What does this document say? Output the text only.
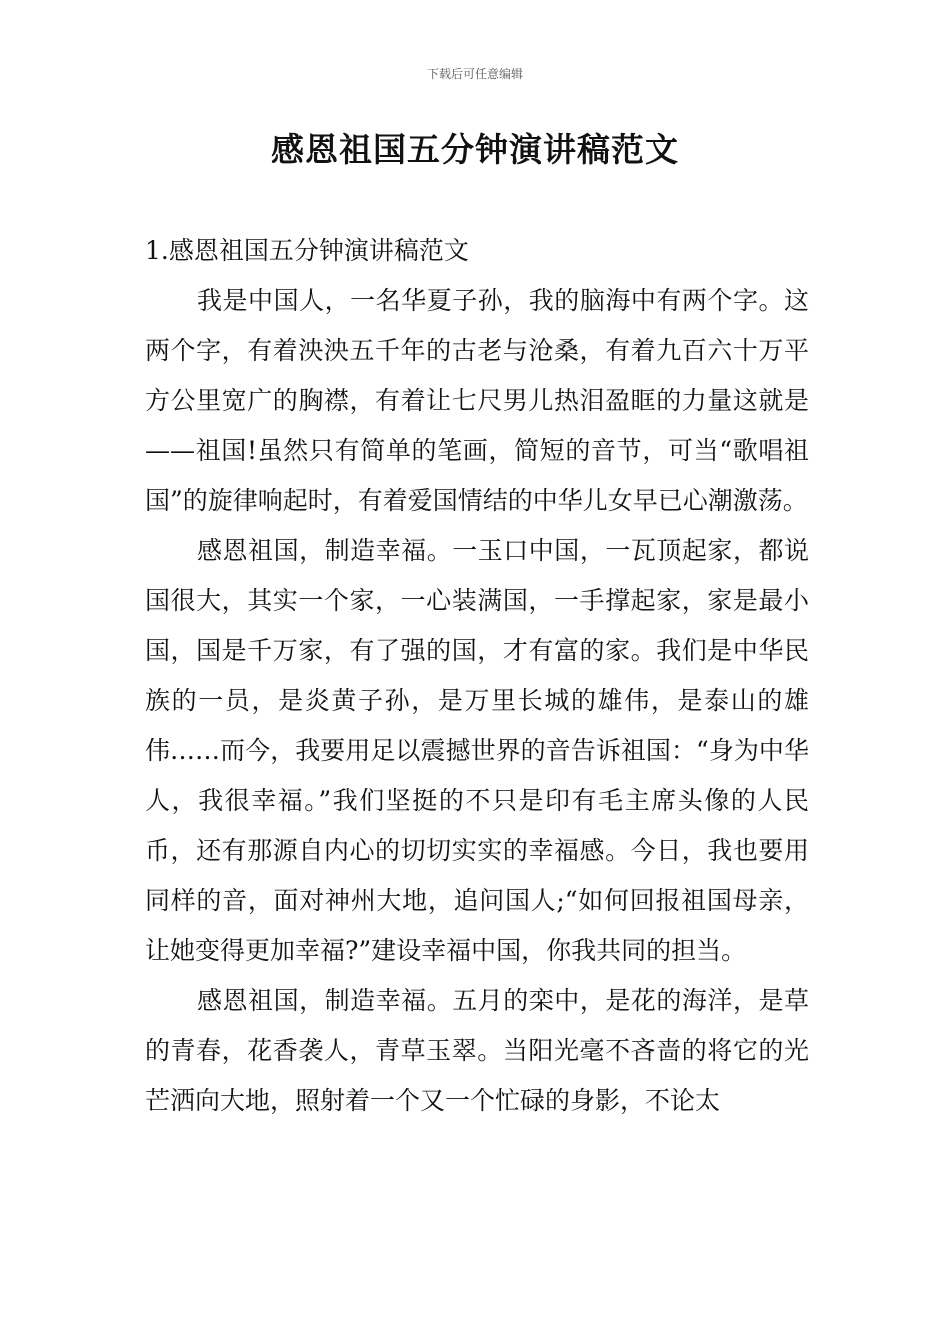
下载后可任意编辑
感恩祖国五分钟演讲稿范文

1.感恩祖国五分钟演讲稿范文

我是中国人，一名华夏子孙，我的脑海中有两个字。这两个字，有着泱泱五千年的古老与沧桑，有着九百六十万平方公里宽广的胸襟，有着让七尺男儿热泪盈眶的力量这就是——祖国!虽然只有简单的笔画，简短的音节，可当“歌唱祖国”的旋律响起时，有着爱国情结的中华儿女早已心潮激荡。

感恩祖国，制造幸福。一玉口中国，一瓦顶起家，都说国很大，其实一个家，一心装满国，一手撑起家，家是最小国，国是千万家，有了强的国，才有富的家。我们是中华民族的一员，是炎黄子孙，是万里长城的雄伟，是泰山的雄伟……而今，我要用足以震撼世界的音告诉祖国：“身为中华人，我很幸福。”我们坚挺的不只是印有毛主席头像的人民币，还有那源自内心的切切实实的幸福感。今日，我也要用同样的音，面对神州大地，追问国人;“如何回报祖国母亲，让她变得更加幸福?”建设幸福中国，你我共同的担当。

感恩祖国，制造幸福。五月的栾中，是花的海洋，是草的青春，花香袭人，青草玉翠。当阳光毫不吝啬的将它的光芒洒向大地，照射着一个又一个忙碌的身影，不论太
